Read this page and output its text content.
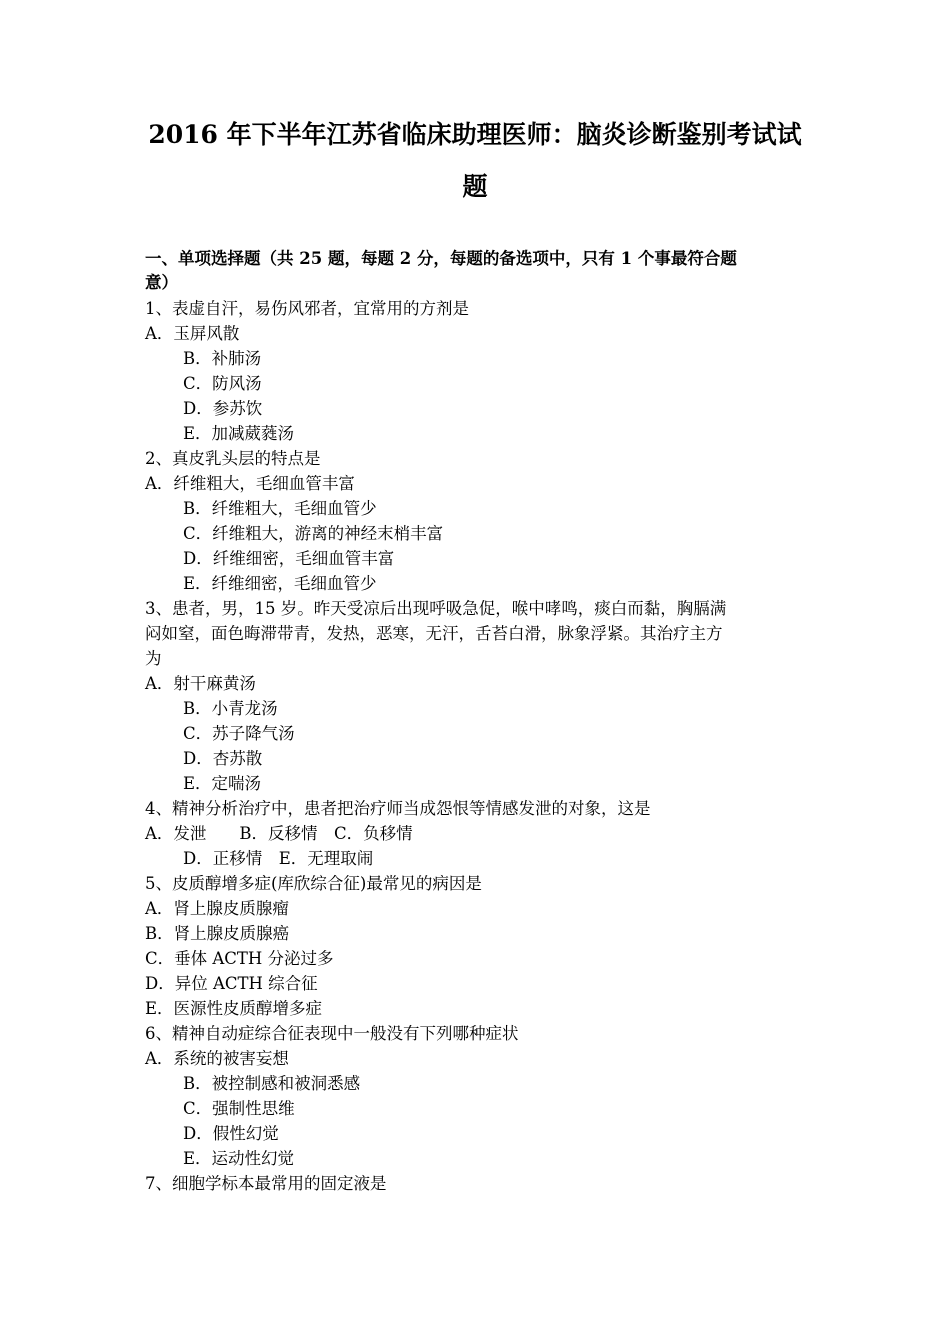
2016 年下半年江苏省临床助理医师：脑炎诊断鉴别考试试
题
一、单项选择题（共 25 题，每题 2 分，每题的备选项中，只有 1 个事最符合题
意）
1、表虚自汗，易伤风邪者，宜常用的方剂是
A．玉屏风散
B．补肺汤
C．防风汤
D．参苏饮
E．加减葳蕤汤
2、真皮乳头层的特点是
A．纤维粗大，毛细血管丰富
B．纤维粗大，毛细血管少
C．纤维粗大，游离的神经末梢丰富
D．纤维细密，毛细血管丰富
E．纤维细密，毛细血管少
3、患者，男，15 岁。昨天受凉后出现呼吸急促，喉中哮鸣，痰白而黏，胸膈满
闷如窒，面色晦滞带青，发热，恶寒，无汗，舌苔白滑，脉象浮紧。其治疗主方
为
A．射干麻黄汤
B．小青龙汤
C．苏子降气汤
D．杏苏散
E．定喘汤
4、精神分析治疗中，患者把治疗师当成怨恨等情感发泄的对象，这是
A．发泄　　B．反移情　C．负移情
D．正移情　E．无理取闹
5、皮质醇增多症(库欣综合征)最常见的病因是
A．肾上腺皮质腺瘤
B．肾上腺皮质腺癌
C．垂体 ACTH 分泌过多
D．异位 ACTH 综合征
E．医源性皮质醇增多症
6、精神自动症综合征表现中一般没有下列哪种症状
A．系统的被害妄想
B．被控制感和被洞悉感
C．强制性思维
D．假性幻觉
E．运动性幻觉
7、细胞学标本最常用的固定液是
